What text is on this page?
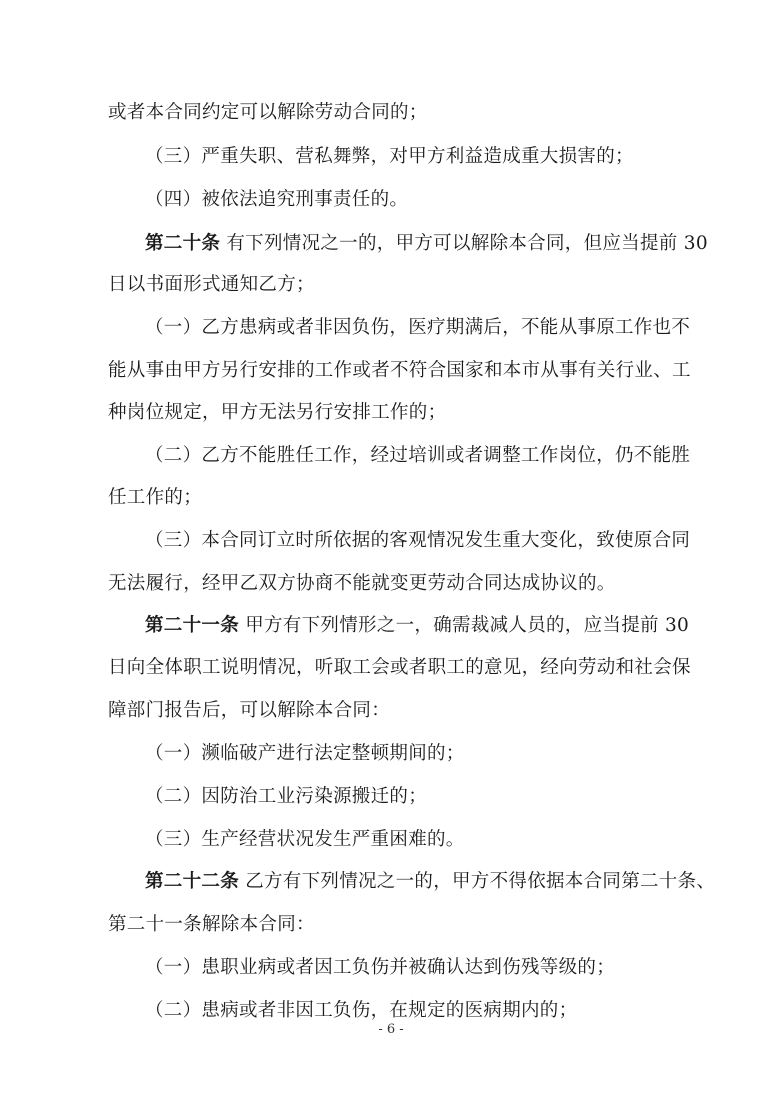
或者本合同约定可以解除劳动合同的；
（三）严重失职、营私舞弊，对甲方利益造成重大损害的；
（四）被依法追究刑事责任的。
第二十条 有下列情况之一的，甲方可以解除本合同，但应当提前 30
日以书面形式通知乙方；
（一）乙方患病或者非因负伤，医疗期满后，不能从事原工作也不
能从事由甲方另行安排的工作或者不符合国家和本市从事有关行业、工
种岗位规定，甲方无法另行安排工作的；
（二）乙方不能胜任工作，经过培训或者调整工作岗位，仍不能胜
任工作的；
（三）本合同订立时所依据的客观情况发生重大变化，致使原合同
无法履行，经甲乙双方协商不能就变更劳动合同达成协议的。
第二十一条 甲方有下列情形之一，确需裁减人员的，应当提前 30
日向全体职工说明情况，听取工会或者职工的意见，经向劳动和社会保
障部门报告后，可以解除本合同：
（一）濒临破产进行法定整顿期间的；
（二）因防治工业污染源搬迁的；
（三）生产经营状况发生严重困难的。
第二十二条 乙方有下列情况之一的，甲方不得依据本合同第二十条、
第二十一条解除本合同：
（一）患职业病或者因工负伤并被确认达到伤残等级的；
（二）患病或者非因工负伤，在规定的医病期内的；
- 6 -
